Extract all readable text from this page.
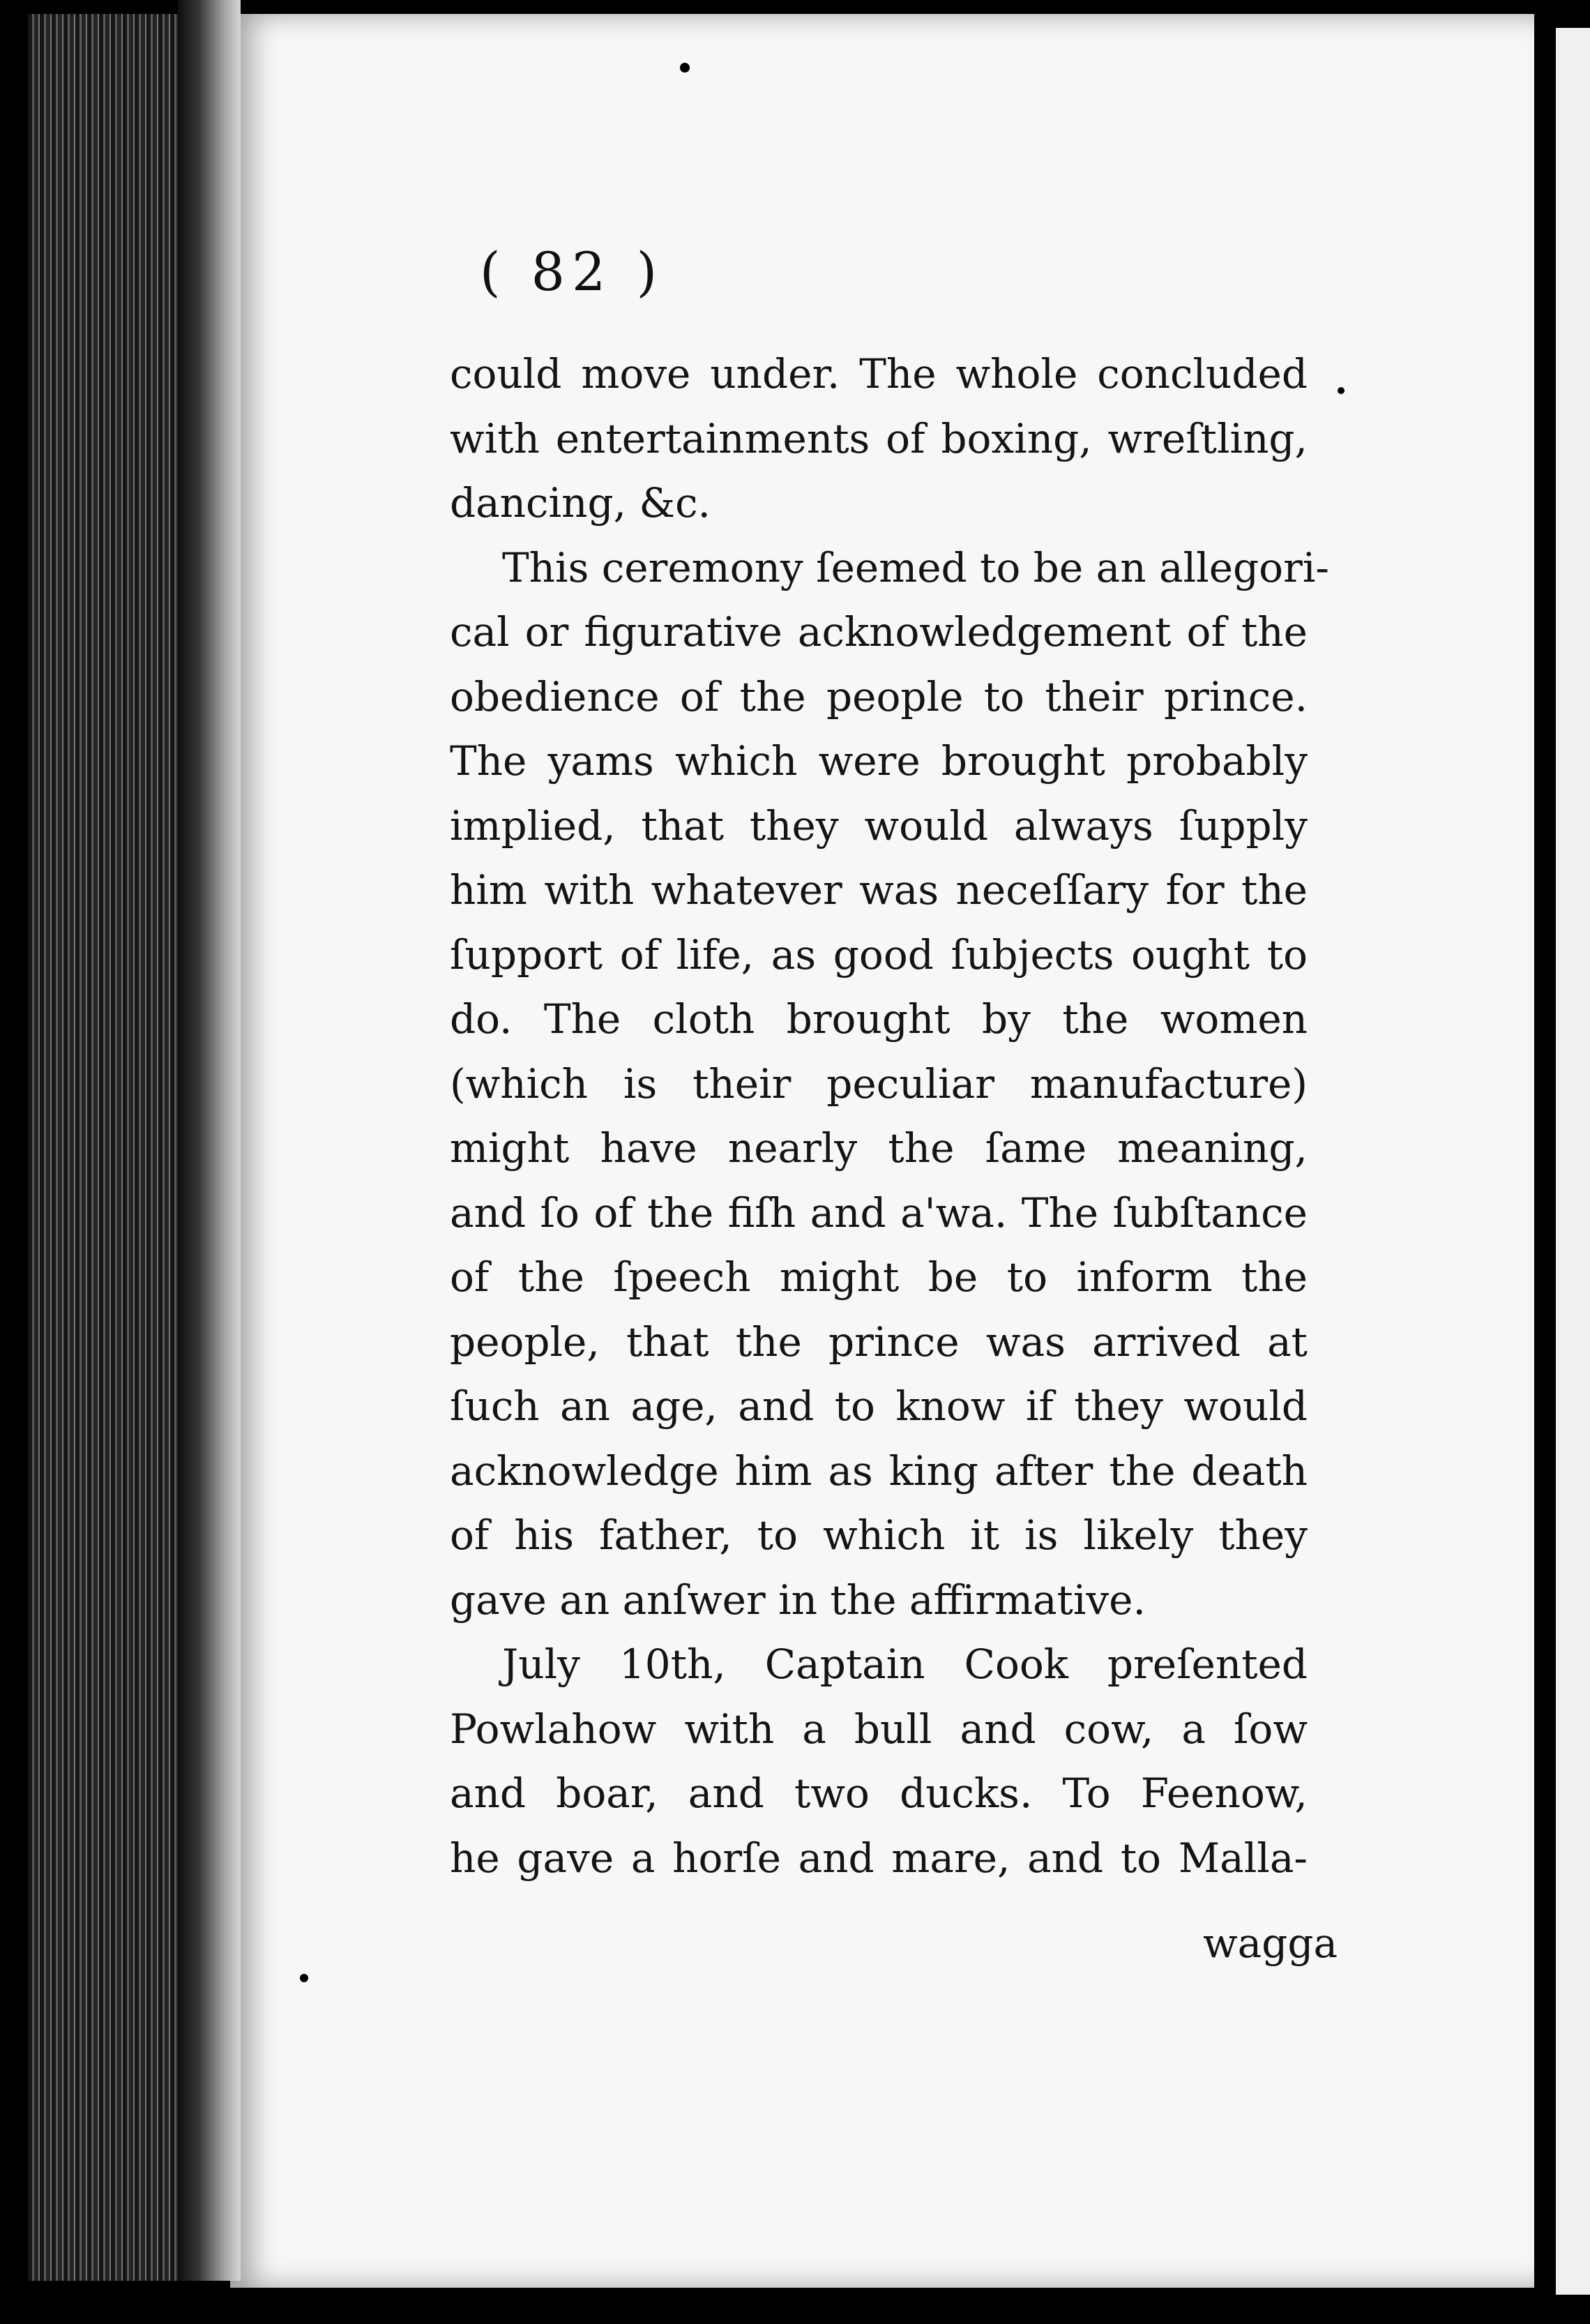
( 82 )
could move under. The whole concluded
with entertainments of boxing, wreſtling,
dancing, &c.
This ceremony ſeemed to be an allegori-
cal or figurative acknowledgement of the
obedience of the people to their prince.
The yams which were brought probably
implied, that they would always ſupply
him with whatever was neceſſary for the
ſupport of life, as good ſubjects ought to
do. The cloth brought by the women
(which is their peculiar manufacture)
might have nearly the ſame meaning,
and ſo of the fiſh and a'wa. The ſubſtance
of the ſpeech might be to inform the
people, that the prince was arrived at
ſuch an age, and to know if they would
acknowledge him as king after the death
of his father, to which it is likely they
gave an anſwer in the affirmative.
July 10th, Captain Cook preſented
Powlahow with a bull and cow, a ſow
and boar, and two ducks. To Feenow,
he gave a horſe and mare, and to Malla-
wagga
